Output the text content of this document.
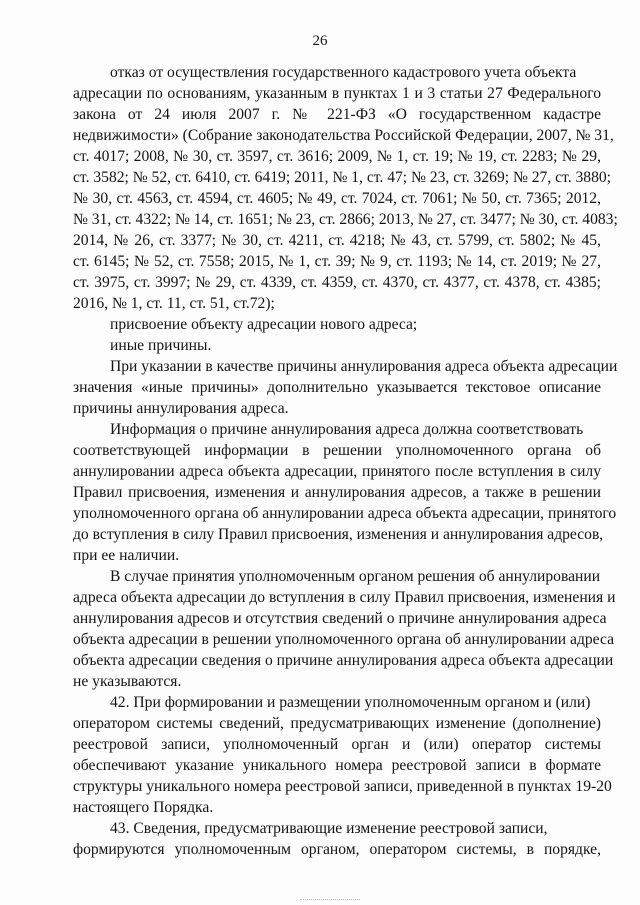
26
отказ от осуществления государственного кадастрового учета объекта
адресации по основаниям, указанным в пунктах 1 и 3 статьи 27 Федерального
закона от 24 июля 2007 г. № 221-ФЗ «О государственном кадастре
недвижимости» (Собрание законодательства Российской Федерации, 2007, № 31,
ст. 4017; 2008, № 30, ст. 3597, ст. 3616; 2009, № 1, ст. 19; № 19, ст. 2283; № 29,
ст. 3582; № 52, ст. 6410, ст. 6419; 2011, № 1, ст. 47; № 23, ст. 3269; № 27, ст. 3880;
№ 30, ст. 4563, ст. 4594, ст. 4605; № 49, ст. 7024, ст. 7061; № 50, ст. 7365; 2012,
№ 31, ст. 4322; № 14, ст. 1651; № 23, ст. 2866; 2013, № 27, ст. 3477; № 30, ст. 4083;
2014, № 26, ст. 3377; № 30, ст. 4211, ст. 4218; № 43, ст. 5799, ст. 5802; № 45,
ст. 6145; № 52, ст. 7558; 2015, № 1, ст. 39; № 9, ст. 1193; № 14, ст. 2019; № 27,
ст. 3975, ст. 3997; № 29, ст. 4339, ст. 4359, ст. 4370, ст. 4377, ст. 4378, ст. 4385;
2016, № 1, ст. 11, ст. 51, ст.72);
присвоение объекту адресации нового адреса;
иные причины.
При указании в качестве причины аннулирования адреса объекта адресации
значения «иные причины» дополнительно указывается текстовое описание
причины аннулирования адреса.
Информация о причине аннулирования адреса должна соответствовать
соответствующей информации в решении уполномоченного органа об
аннулировании адреса объекта адресации, принятого после вступления в силу
Правил присвоения, изменения и аннулирования адресов, а также в решении
уполномоченного органа об аннулировании адреса объекта адресации, принятого
до вступления в силу Правил присвоения, изменения и аннулирования адресов,
при ее наличии.
В случае принятия уполномоченным органом решения об аннулировании
адреса объекта адресации до вступления в силу Правил присвоения, изменения и
аннулирования адресов и отсутствия сведений о причине аннулирования адреса
объекта адресации в решении уполномоченного органа об аннулировании адреса
объекта адресации сведения о причине аннулирования адреса объекта адресации
не указываются.
42. При формировании и размещении уполномоченным органом и (или)
оператором системы сведений, предусматривающих изменение (дополнение)
реестровой записи, уполномоченный орган и (или) оператор системы
обеспечивают указание уникального номера реестровой записи в формате
структуры уникального номера реестровой записи, приведенной в пунктах 19-20
настоящего Порядка.
43. Сведения, предусматривающие изменение реестровой записи,
формируются уполномоченным органом, оператором системы, в порядке,
